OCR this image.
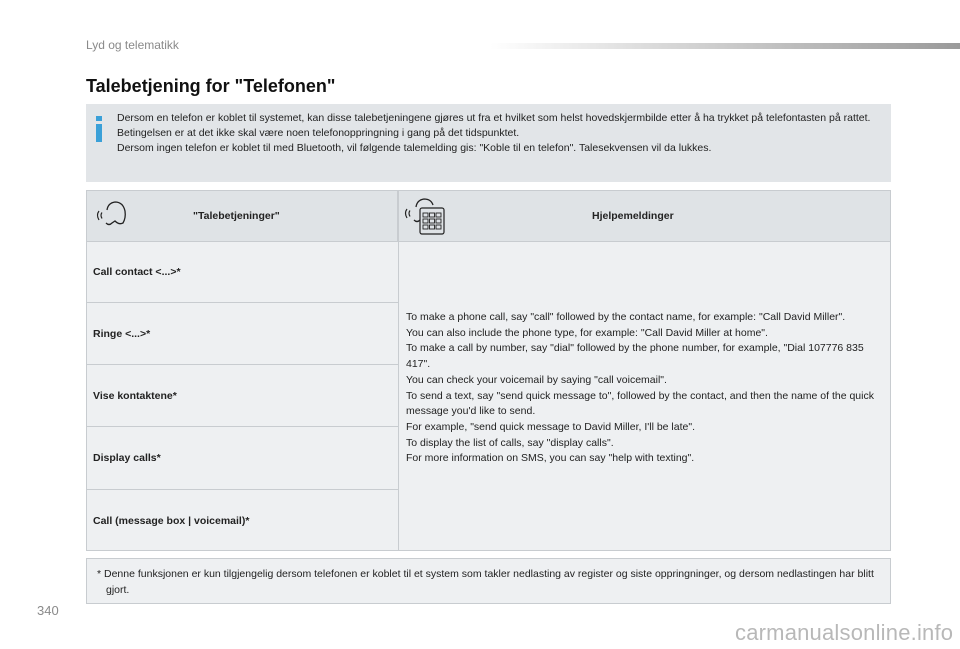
Lyd og telematikk
Talebetjening for "Telefonen"

Dersom en telefon er koblet til systemet, kan disse talebetjeningene gjøres ut fra et hvilket som helst hovedskjermbilde etter å ha trykket på telefontasten på rattet. Betingelsen er at det ikke skal være noen telefonoppringning i gang på det tidspunktet.

Dersom ingen telefon er koblet til med Bluetooth, vil følgende talemelding gis: "Koble til en telefon". Talesekvensen vil da lukkes.

"Talebetjeninger"	Hjelpemeldinger
Call contact <...>*
Ringe <...>*
Vise kontaktene*
Display calls*
Call (message box | voicemail)*

To make a phone call, say "call" followed by the contact name, for example: "Call David Miller".

You can also include the phone type, for example: "Call David Miller at home".

To make a call by number, say "dial" followed by the phone number, for example, "Dial 107776 835 417".

You can check your voicemail by saying "call voicemail".

To send a text, say "send quick message to", followed by the contact, and then the name of the quick message you'd like to send.

For example, "send quick message to David Miller, I'll be late".

To display the list of calls, say "display calls".

For more information on SMS, you can say "help with texting".

* Denne funksjonen er kun tilgjengelig dersom telefonen er koblet til et system som takler nedlasting av register og siste oppringninger, og dersom nedlastingen har blitt gjort.
340
carmanualsonline.info
